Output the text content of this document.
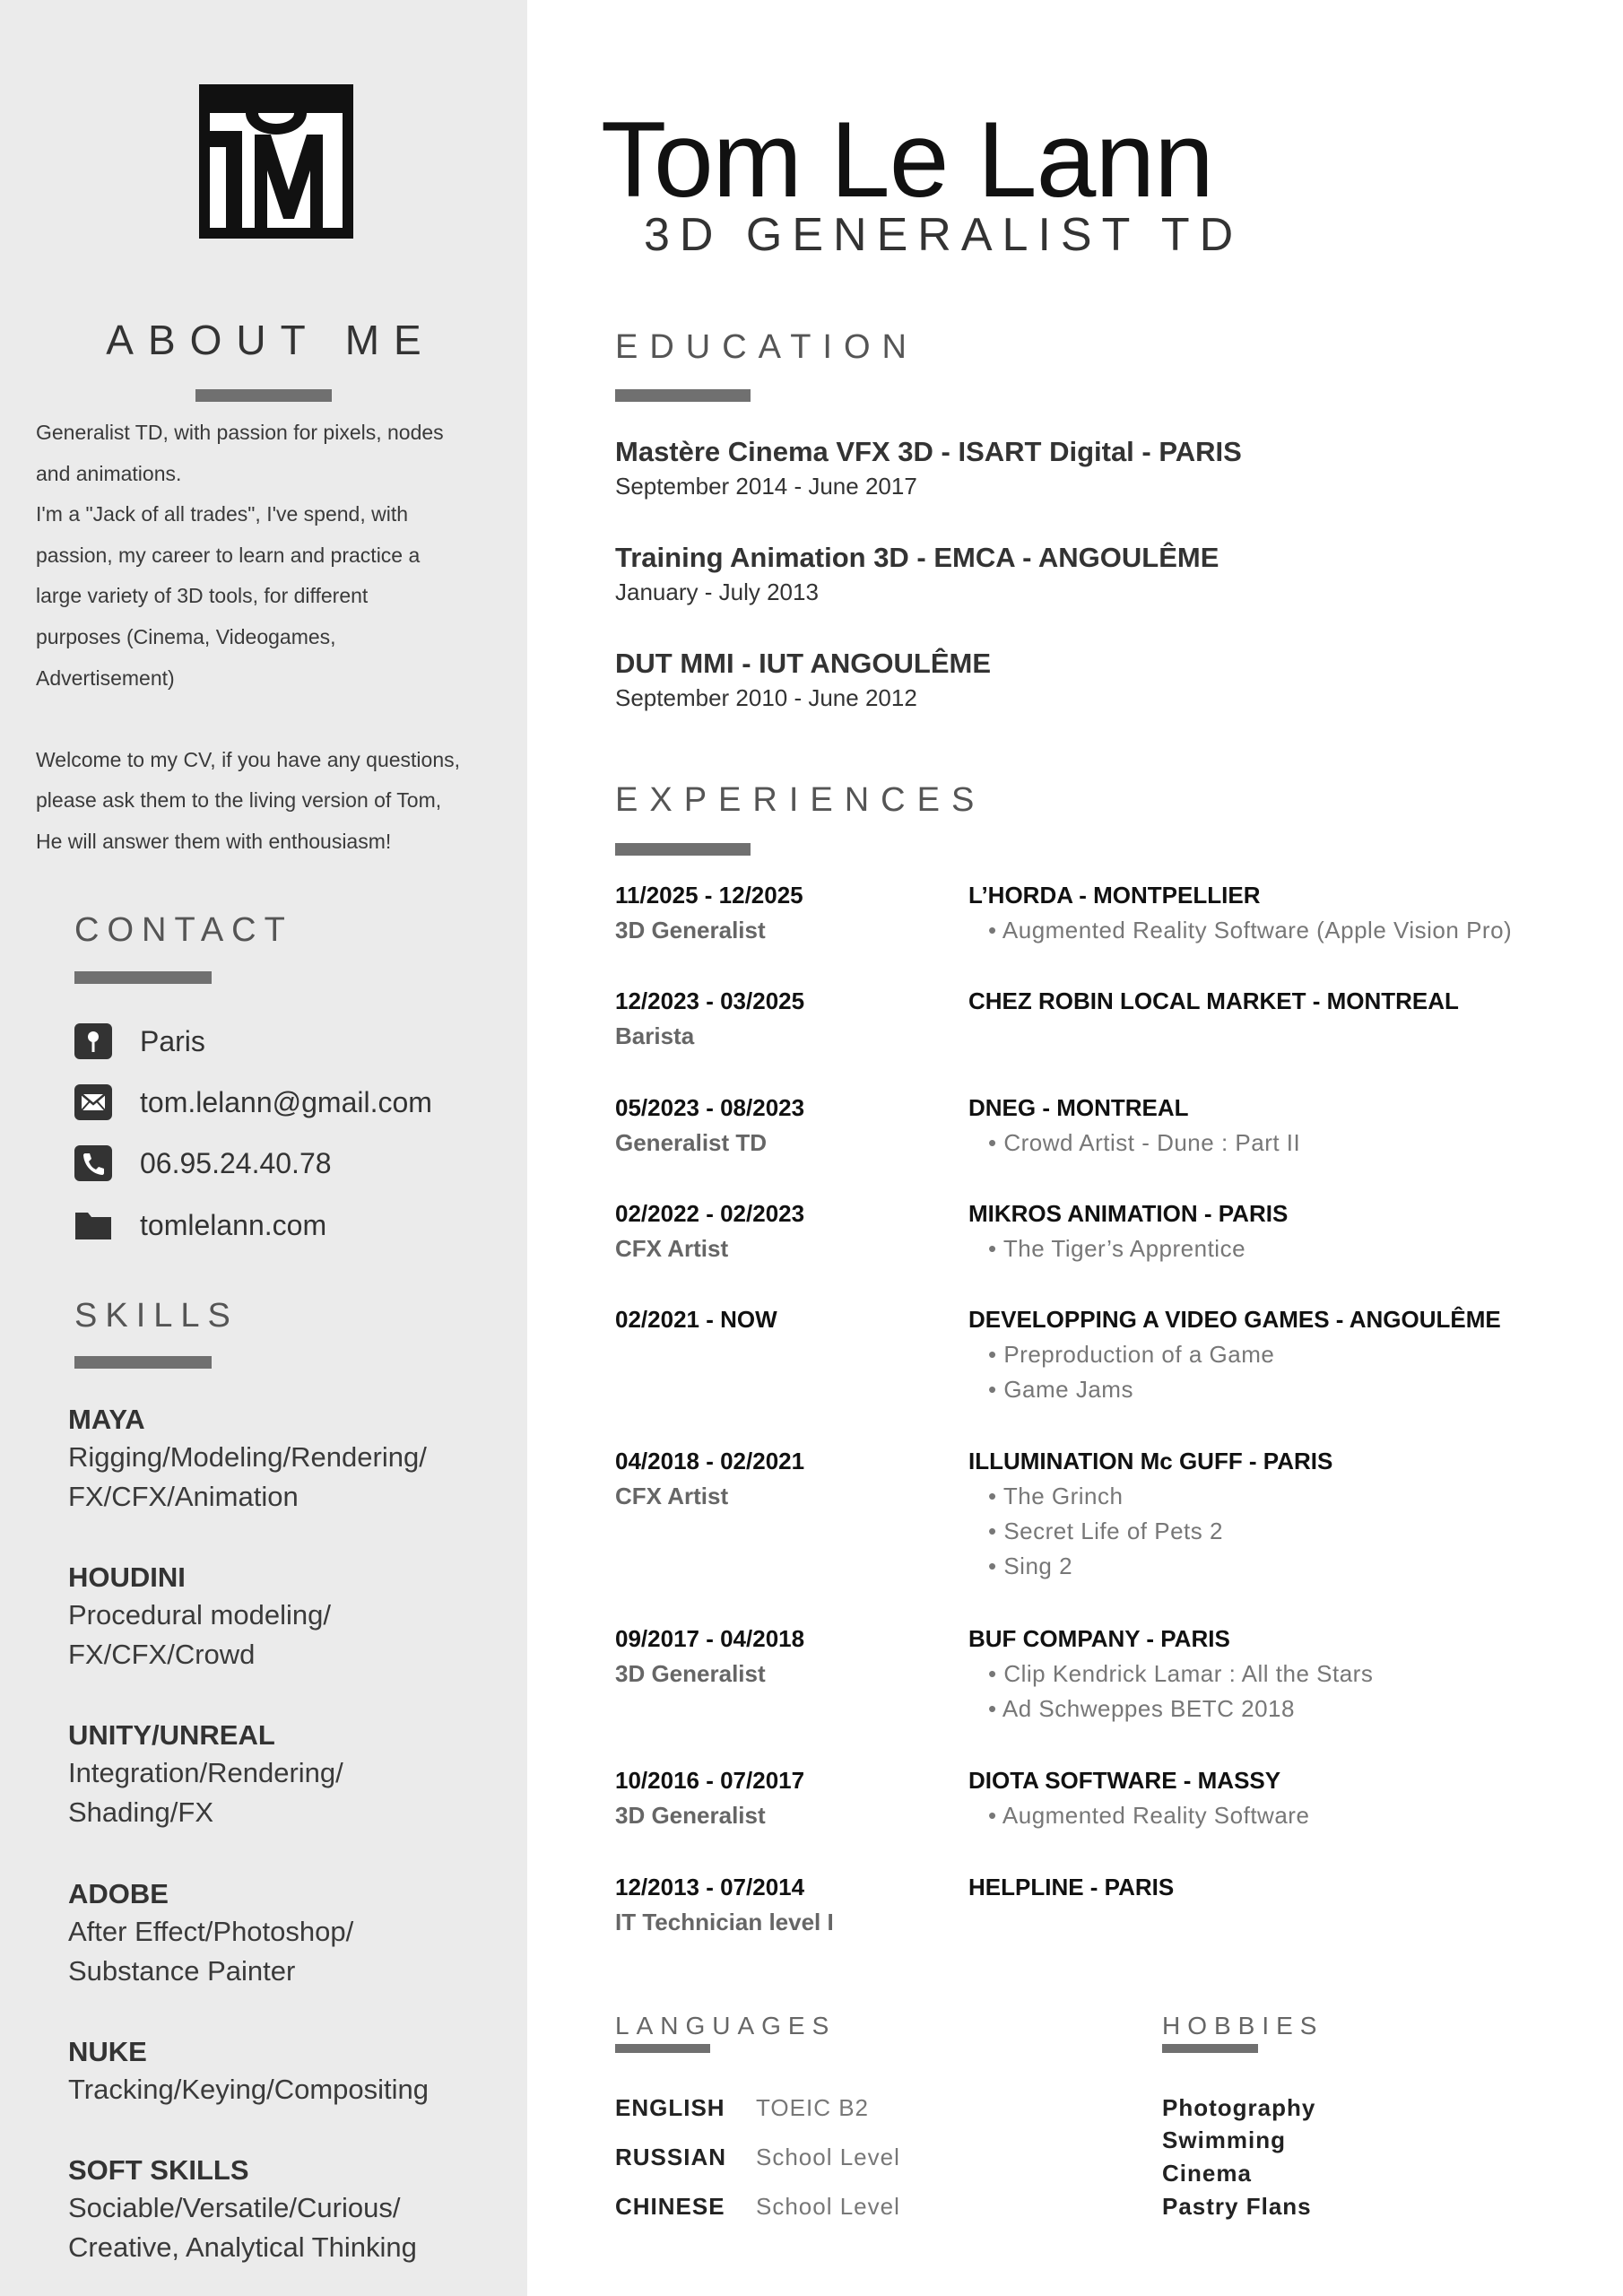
ABOUT ME

Generalist TD, with passion for pixels, nodes
and animations.
I'm a "Jack of all trades", I've spend, with
passion, my career to learn and practice a
large variety of 3D tools, for different
purposes (Cinema, Videogames,
Advertisement)

Welcome to my CV, if you have any questions,
please ask them to the living version of Tom,
He will answer them with enthousiasm!

CONTACT
Paris
tom.lelann@gmail.com
06.95.24.40.78
tomlelann.com
SKILLS
MAYA
Rigging/Modeling/Rendering/
FX/CFX/Animation
HOUDINI
Procedural modeling/
FX/CFX/Crowd
UNITY/UNREAL
Integration/Rendering/
Shading/FX
ADOBE
After Effect/Photoshop/
Substance Painter
NUKE
Tracking/Keying/Compositing
SOFT SKILLS
Sociable/Versatile/Curious/
Creative, Analytical Thinking
Tom Le Lann
3D GENERALIST TD
EDUCATION
Mastère Cinema VFX 3D - ISART Digital - PARIS
September 2014 - June 2017
Training Animation 3D - EMCA - ANGOULÊME
January - July 2013
DUT MMI - IUT ANGOULÊME
September 2010 - June 2012
EXPERIENCES
11/2025 - 12/2025
3D Generalist
L’HORDA - MONTPELLIER
• Augmented Reality Software (Apple Vision Pro)
12/2023 - 03/2025
Barista
CHEZ ROBIN LOCAL MARKET - MONTREAL
05/2023 - 08/2023
Generalist TD
DNEG - MONTREAL
• Crowd Artist - Dune : Part II
02/2022 - 02/2023
CFX Artist
MIKROS ANIMATION - PARIS
• The Tiger’s Apprentice
02/2021 - NOW	DEVELOPPING A VIDEO GAMES - ANGOULÊME
• Preproduction of a Game
• Game Jams
04/2018 - 02/2021
CFX Artist
ILLUMINATION Mc GUFF - PARIS
• The Grinch
• Secret Life of Pets 2
• Sing 2
09/2017 - 04/2018
3D Generalist
BUF COMPANY - PARIS
• Clip Kendrick Lamar : All the Stars
• Ad Schweppes BETC 2018
10/2016 - 07/2017
3D Generalist
DIOTA SOFTWARE - MASSY
• Augmented Reality Software
12/2013 - 07/2014
IT Technician level I
HELPLINE - PARIS
LANGUAGES
ENGLISH TOEIC B2
RUSSIAN School Level
CHINESE School Level
HOBBIES
Photography
Swimming
Cinema
Pastry Flans
